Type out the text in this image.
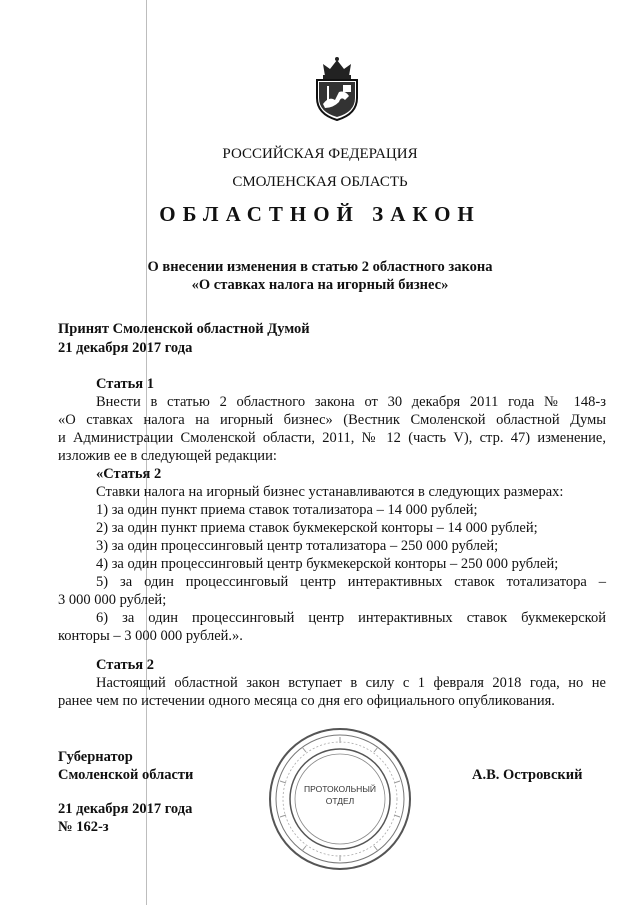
РОССИЙСКАЯ ФЕДЕРАЦИЯ
СМОЛЕНСКАЯ ОБЛАСТЬ
ОБЛАСТНОЙ ЗАКОН
О внесении изменения в статью 2 областного закона
«О ставках налога на игорный бизнес»
Принят Смоленской областной Думой
21 декабря 2017 года
Статья 1
Внести в статью 2 областного закона от 30 декабря 2011 года № 148-з
«О ставках налога на игорный бизнес» (Вестник Смоленской областной Думы
и Администрации Смоленской области, 2011, № 12 (часть V), стр. 47) изменение,
изложив ее в следующей редакции:
«Статья 2
Ставки налога на игорный бизнес устанавливаются в следующих размерах:
1) за один пункт приема ставок тотализатора – 14 000 рублей;
2) за один пункт приема ставок букмекерской конторы – 14 000 рублей;
3) за один процессинговый центр тотализатора – 250 000 рублей;
4) за один процессинговый центр букмекерской конторы – 250 000 рублей;
5) за один процессинговый центр интерактивных ставок тотализатора –
3 000 000 рублей;
6) за один процессинговый центр интерактивных ставок букмекерской
конторы – 3 000 000 рублей.».
Статья 2
Настоящий областной закон вступает в силу с 1 февраля 2018 года, но не
ранее чем по истечении одного месяца со дня его официального опубликования.
Губернатор
Смоленской области	А.В. Островский
21 декабря 2017 года
№ 162-з
ПРОТОКОЛЬНЫЙ
ОТДЕЛ
